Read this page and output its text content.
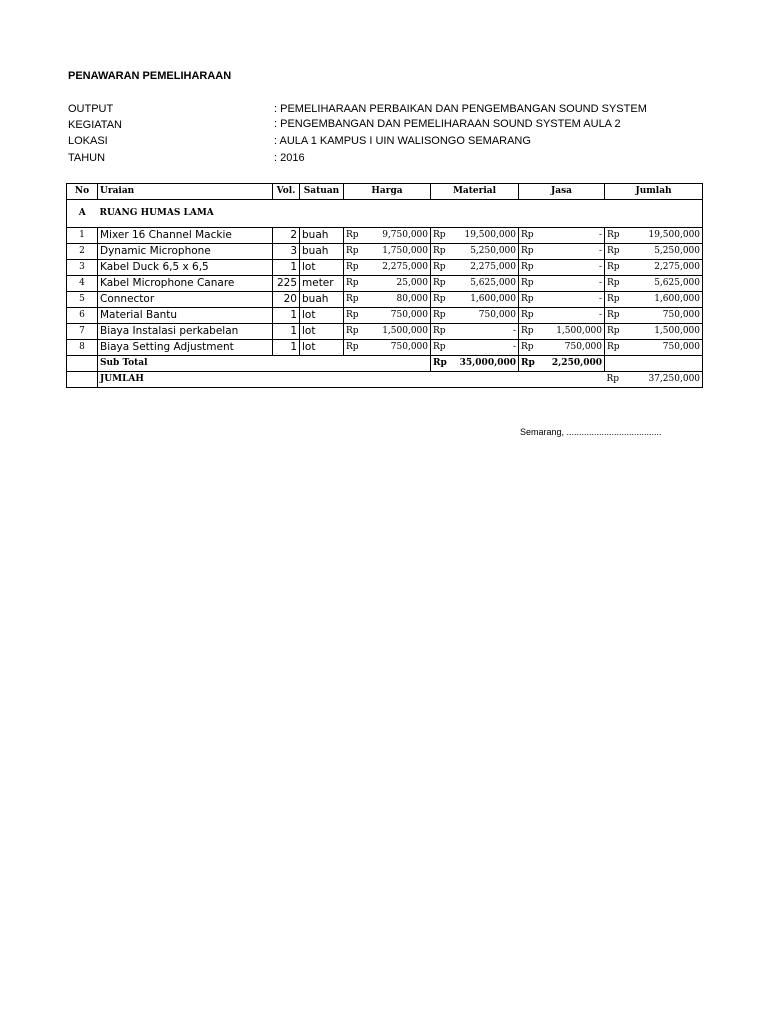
PENAWARAN PEMELIHARAAN
OUTPUT	: PEMELIHARAAN PERBAIKAN DAN PENGEMBANGAN SOUND SYSTEM
KEGIATAN	: PENGEMBANGAN DAN PEMELIHARAAN SOUND SYSTEM AULA 2
LOKASI	: AULA 1 KAMPUS I UIN WALISONGO SEMARANG
TAHUN	: 2016
No	Uraian	Vol.	Satuan	Harga		Material		Jasa		Jumlah	
A	RUANG HUMAS LAMA										
1	Mixer 16 Channel Mackie	2	buah	Rp	9,750,000	Rp	19,500,000	Rp	-	Rp	19,500,000
2	Dynamic Microphone	3	buah	Rp	1,750,000	Rp	5,250,000	Rp	-	Rp	5,250,000
3	Kabel Duck 6,5 x 6,5	1	lot	Rp	2,275,000	Rp	2,275,000	Rp	-	Rp	2,275,000
4	Kabel Microphone Canare	225	meter	Rp	25,000	Rp	5,625,000	Rp	-	Rp	5,625,000
5	Connector	20	buah	Rp	80,000	Rp	1,600,000	Rp	-	Rp	1,600,000
6	Material Bantu	1	lot	Rp	750,000	Rp	750,000	Rp	-	Rp	750,000
7	Biaya Instalasi perkabelan	1	lot	Rp	1,500,000	Rp	-	Rp	1,500,000	Rp	1,500,000
8	Biaya Setting Adjustment	1	lot	Rp	750,000	Rp	-	Rp	750,000	Rp	750,000
	Sub Total					Rp	35,000,000	Rp	2,250,000		
	JUMLAH									Rp	37,250,000
Semarang, ......................................
